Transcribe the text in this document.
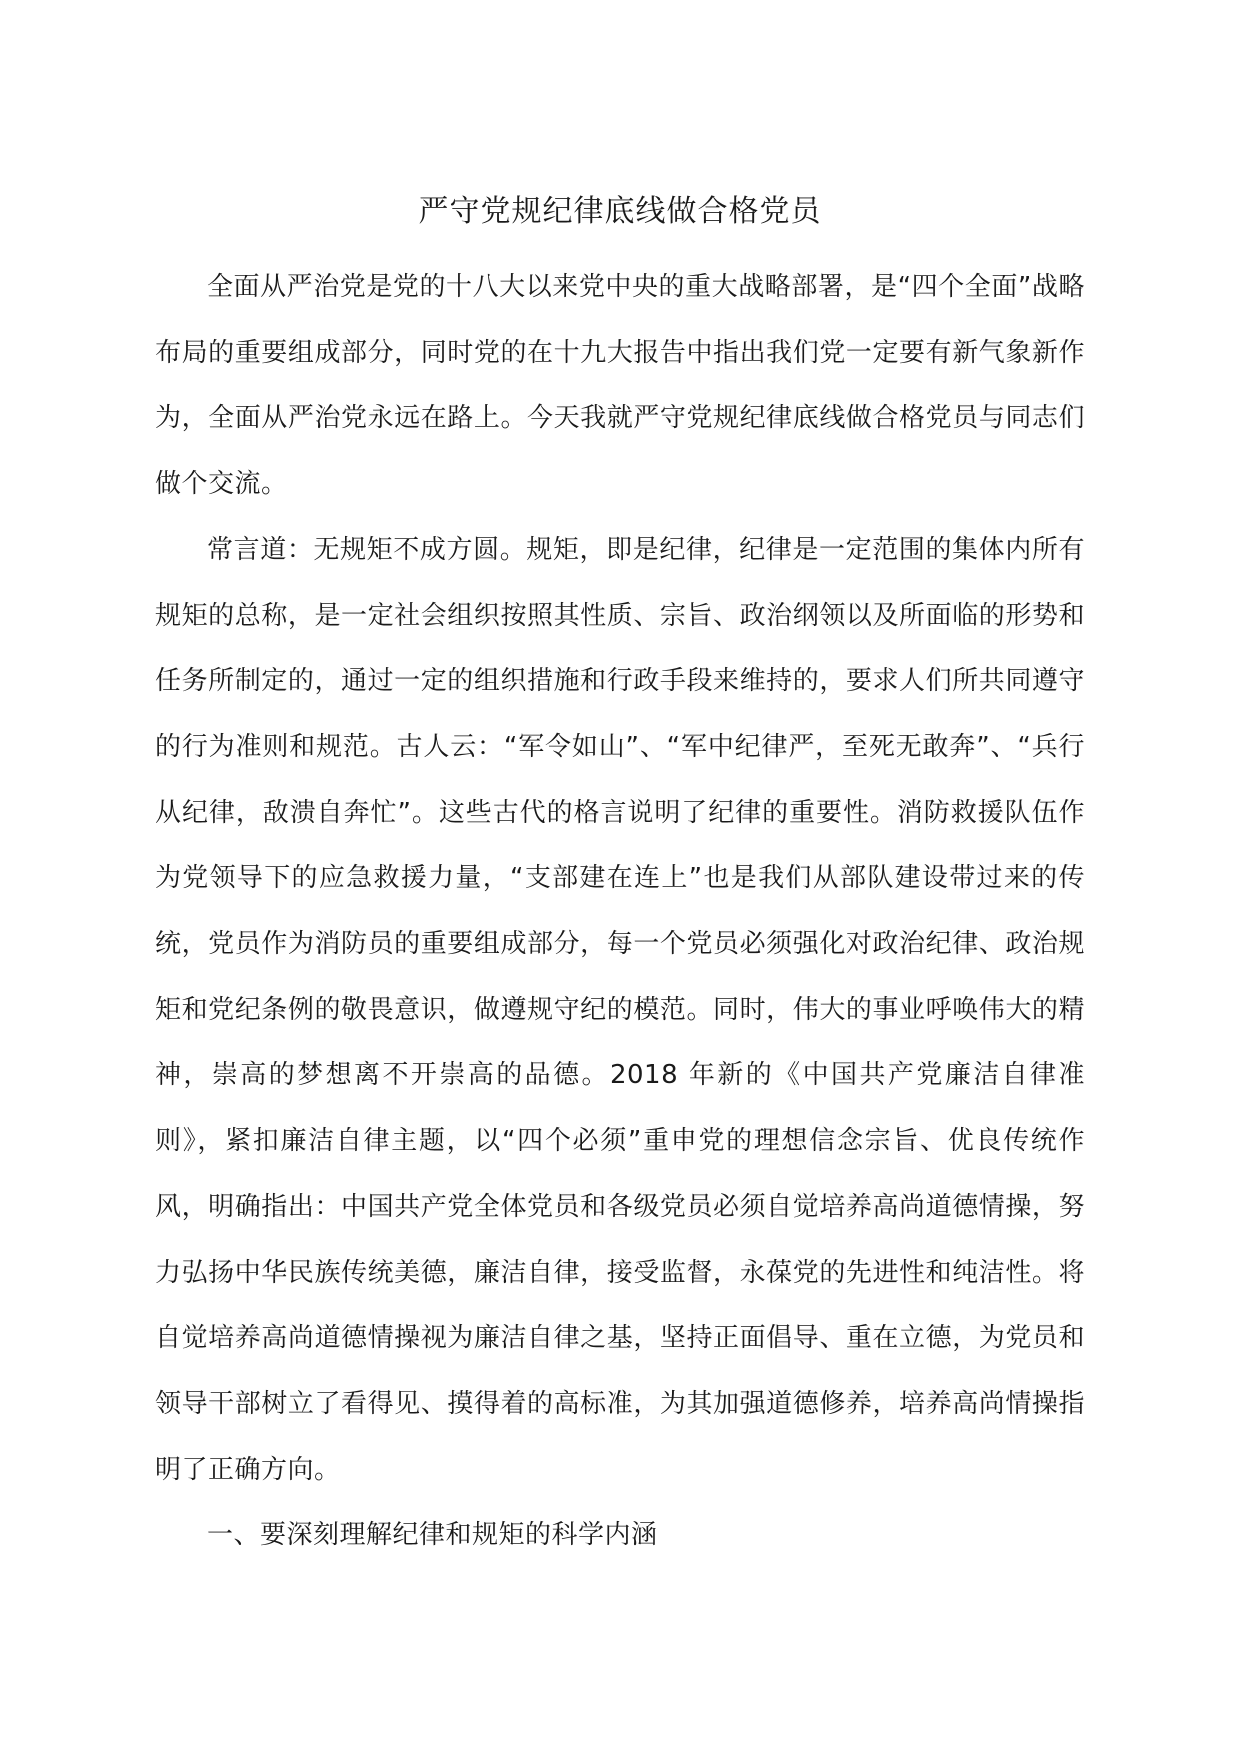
严守党规纪律底线做合格党员

全面从严治党是党的十八大以来党中央的重大战略部署，是“四个全面”战略布局的重要组成部分，同时党的在十九大报告中指出我们党一定要有新气象新作为，全面从严治党永远在路上。今天我就严守党规纪律底线做合格党员与同志们做个交流。

常言道：无规矩不成方圆。规矩，即是纪律，纪律是一定范围的集体内所有规矩的总称，是一定社会组织按照其性质、宗旨、政治纲领以及所面临的形势和任务所制定的，通过一定的组织措施和行政手段来维持的，要求人们所共同遵守的行为准则和规范。古人云：“军令如山”、“军中纪律严，至死无敢奔”、“兵行从纪律，敌溃自奔忙”。这些古代的格言说明了纪律的重要性。消防救援队伍作为党领导下的应急救援力量，“支部建在连上”也是我们从部队建设带过来的传统，党员作为消防员的重要组成部分，每一个党员必须强化对政治纪律、政治规矩和党纪条例的敬畏意识，做遵规守纪的模范。同时，伟大的事业呼唤伟大的精神，崇高的梦想离不开崇高的品德。2018 年新的《中国共产党廉洁自律准则》，紧扣廉洁自律主题，以“四个必须”重申党的理想信念宗旨、优良传统作风，明确指出：中国共产党全体党员和各级党员必须自觉培养高尚道德情操，努力弘扬中华民族传统美德，廉洁自律，接受监督，永葆党的先进性和纯洁性。将自觉培养高尚道德情操视为廉洁自律之基，坚持正面倡导、重在立德，为党员和领导干部树立了看得见、摸得着的高标准，为其加强道德修养，培养高尚情操指明了正确方向。

一、要深刻理解纪律和规矩的科学内涵
